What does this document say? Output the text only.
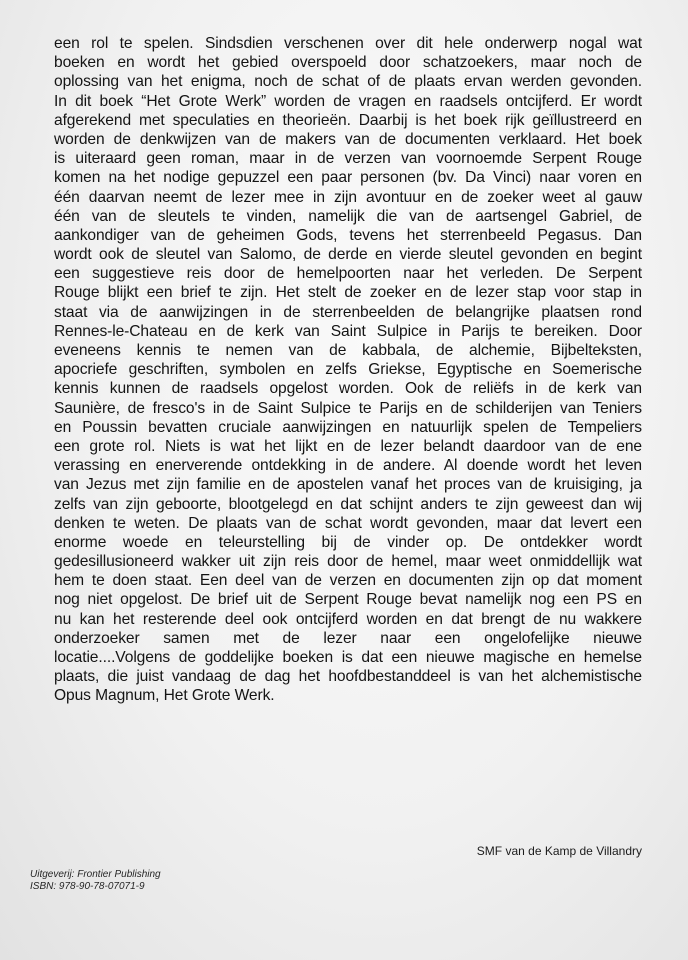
een rol te spelen. Sindsdien verschenen over dit hele onderwerp nogal wat
boeken en wordt het gebied overspoeld door schatzoekers, maar noch de
oplossing van het enigma, noch de schat of de plaats ervan werden gevonden.
In dit boek “Het Grote Werk” worden de vragen en raadsels ontcijferd. Er wordt
afgerekend met speculaties en theorieën. Daarbij is het boek rijk geïllustreerd en
worden de denkwijzen van de makers van de documenten verklaard. Het boek
is uiteraard geen roman, maar in de verzen van voornoemde Serpent Rouge
komen na het nodige gepuzzel een paar personen (bv. Da Vinci) naar voren en
één daarvan neemt de lezer mee in zijn avontuur en de zoeker weet al gauw
één van de sleutels te vinden, namelijk die van de aartsengel Gabriel, de
aankondiger van de geheimen Gods, tevens het sterrenbeeld Pegasus. Dan
wordt ook de sleutel van Salomo, de derde en vierde sleutel gevonden en begint
een suggestieve reis door de hemelpoorten naar het verleden. De Serpent
Rouge blijkt een brief te zijn. Het stelt de zoeker en de lezer stap voor stap in
staat via de aanwijzingen in de sterrenbeelden de belangrijke plaatsen rond
Rennes-le-Chateau en de kerk van Saint Sulpice in Parijs te bereiken. Door
eveneens kennis te nemen van de kabbala, de alchemie, Bijbelteksten,
apocriefe geschriften, symbolen en zelfs Griekse, Egyptische en Soemerische
kennis kunnen de raadsels opgelost worden. Ook de reliëfs in de kerk van
Saunière, de fresco's in de Saint Sulpice te Parijs en de schilderijen van Teniers
en Poussin bevatten cruciale aanwijzingen en natuurlijk spelen de Tempeliers
een grote rol. Niets is wat het lijkt en de lezer belandt daardoor van de ene
verassing en enerverende ontdekking in de andere. Al doende wordt het leven
van Jezus met zijn familie en de apostelen vanaf het proces van de kruisiging, ja
zelfs van zijn geboorte, blootgelegd en dat schijnt anders te zijn geweest dan wij
denken te weten. De plaats van de schat wordt gevonden, maar dat levert een
enorme woede en teleurstelling bij de vinder op. De ontdekker wordt
gedesillusioneerd wakker uit zijn reis door de hemel, maar weet onmiddellijk wat
hem te doen staat. Een deel van de verzen en documenten zijn op dat moment
nog niet opgelost. De brief uit de Serpent Rouge bevat namelijk nog een PS en
nu kan het resterende deel ook ontcijferd worden en dat brengt de nu wakkere
onderzoeker samen met de lezer naar een ongelofelijke nieuwe
locatie....Volgens de goddelijke boeken is dat een nieuwe magische en hemelse
plaats, die juist vandaag de dag het hoofdbestanddeel is van het alchemistische
Opus Magnum, Het Grote Werk.
SMF van de Kamp de Villandry
Uitgeverij: Frontier Publishing
ISBN: 978-90-78-07071-9
